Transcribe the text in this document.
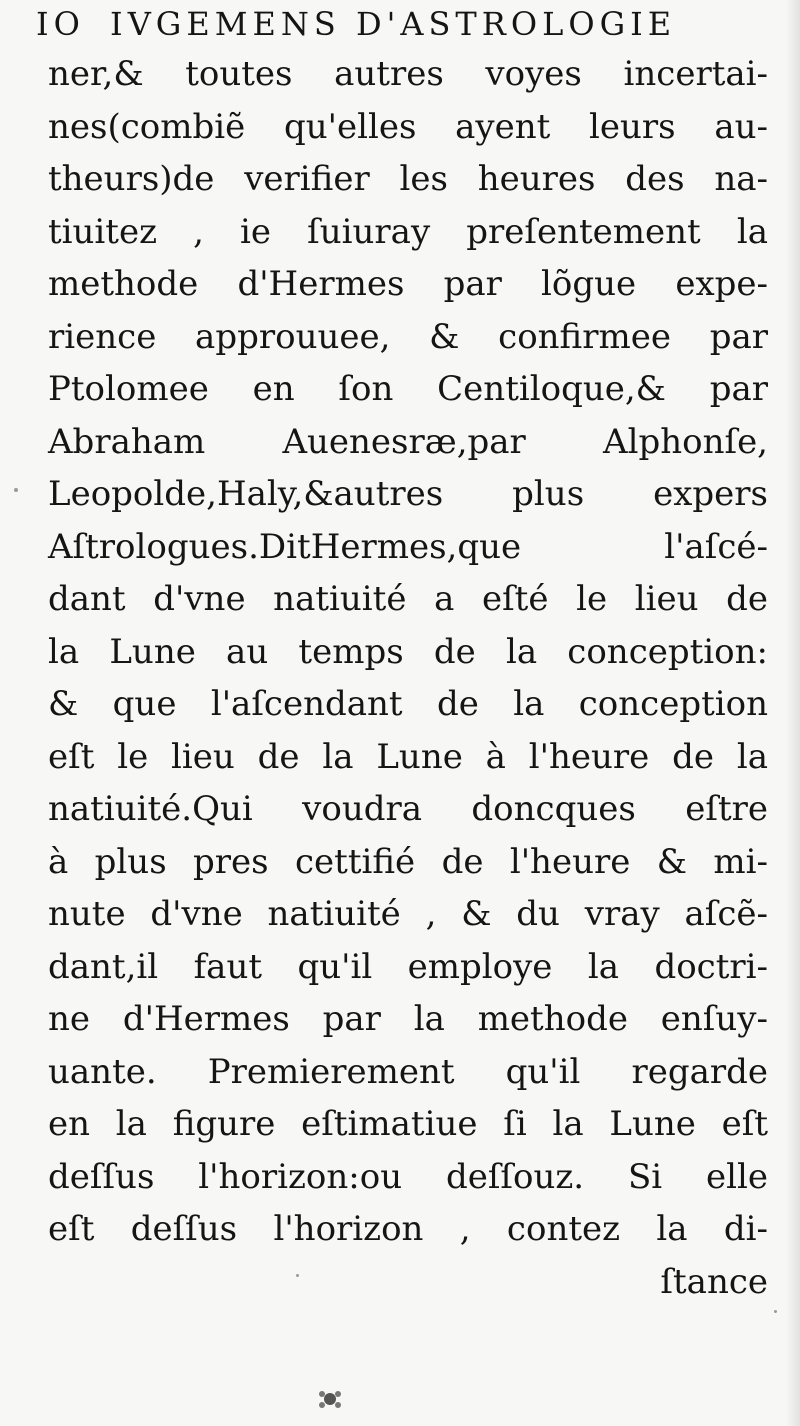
IO IVGEMENS D'ASTROLOGIE
ner,& toutes autres voyes incertai-
nes(combiẽ qu'elles ayent leurs au-
theurs)de verifier les heures des na-
tiuitez , ie ſuiuray preſentement la
methode d'Hermes par lõgue expe-
rience approuuee, & confirmee par
Ptolomee en ſon Centiloque,& par
Abraham Auenesræ,par Alphonſe,
Leopolde,Haly,&autres plus expers
Aſtrologues.DitHermes,que l'aſcé-
dant d'vne natiuité a eſté le lieu de
la Lune au temps de la conception:
& que l'aſcendant de la conception
eſt le lieu de la Lune à l'heure de la
natiuité.Qui voudra doncques eſtre
à plus pres cettifié de l'heure & mi-
nute d'vne natiuité , & du vray aſcẽ-
dant,il faut qu'il employe la doctri-
ne d'Hermes par la methode enſuy-
uante. Premierement qu'il regarde
en la figure eſtimatiue ſi la Lune eſt
deſſus l'horizon:ou deſſouz. Si elle
eſt deſſus l'horizon , contez la di-
ſtance
